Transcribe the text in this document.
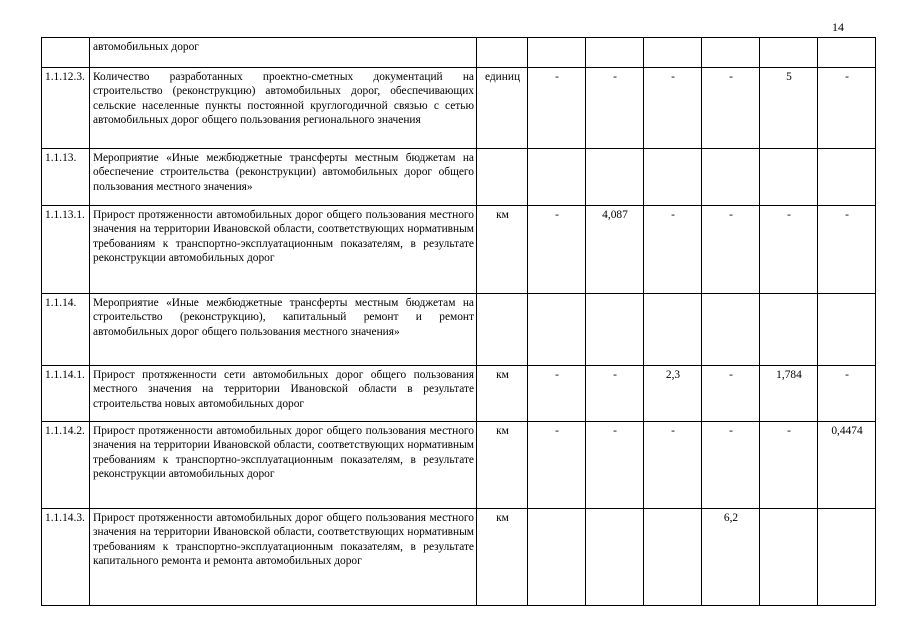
14
	автомобильных дорог							
1.1.12.3.	Количество разработанных проектно-сметных документаций на строительство (реконструкцию) автомобильных дорог, обеспечивающих сельские населенные пункты постоянной круглогодичной связью с сетью автомобильных дорог общего пользования регионального значения	единиц	-	-	-	-	5	-
1.1.13.	Мероприятие «Иные межбюджетные трансферты местным бюджетам на обеспечение строительства (реконструкции) автомобильных дорог общего пользования местного значения»							
1.1.13.1.	Прирост протяженности автомобильных дорог общего пользования местного значения на территории Ивановской области, соответствующих нормативным требованиям к транспортно-эксплуатационным показателям, в результате реконструкции автомобильных дорог	км	-	4,087	-	-	-	-
1.1.14.	Мероприятие «Иные межбюджетные трансферты местным бюджетам на строительство (реконструкцию), капитальный ремонт и ремонт автомобильных дорог общего пользования местного значения»							
1.1.14.1.	Прирост протяженности сети автомобильных дорог общего пользования местного значения на территории Ивановской области в результате строительства новых автомобильных дорог	км	-	-	2,3	-	1,784	-
1.1.14.2.	Прирост протяженности автомобильных дорог общего пользования местного значения на территории Ивановской области, соответствующих нормативным требованиям к транспортно-эксплуатационным показателям, в результате реконструкции автомобильных дорог	км	-	-	-	-	-	0,4474
1.1.14.3.	Прирост протяженности автомобильных дорог общего пользования местного значения на территории Ивановской области, соответствующих нормативным требованиям к транспортно-эксплуатационным показателям, в результате капитального ремонта и ремонта автомобильных дорог	км				6,2		
